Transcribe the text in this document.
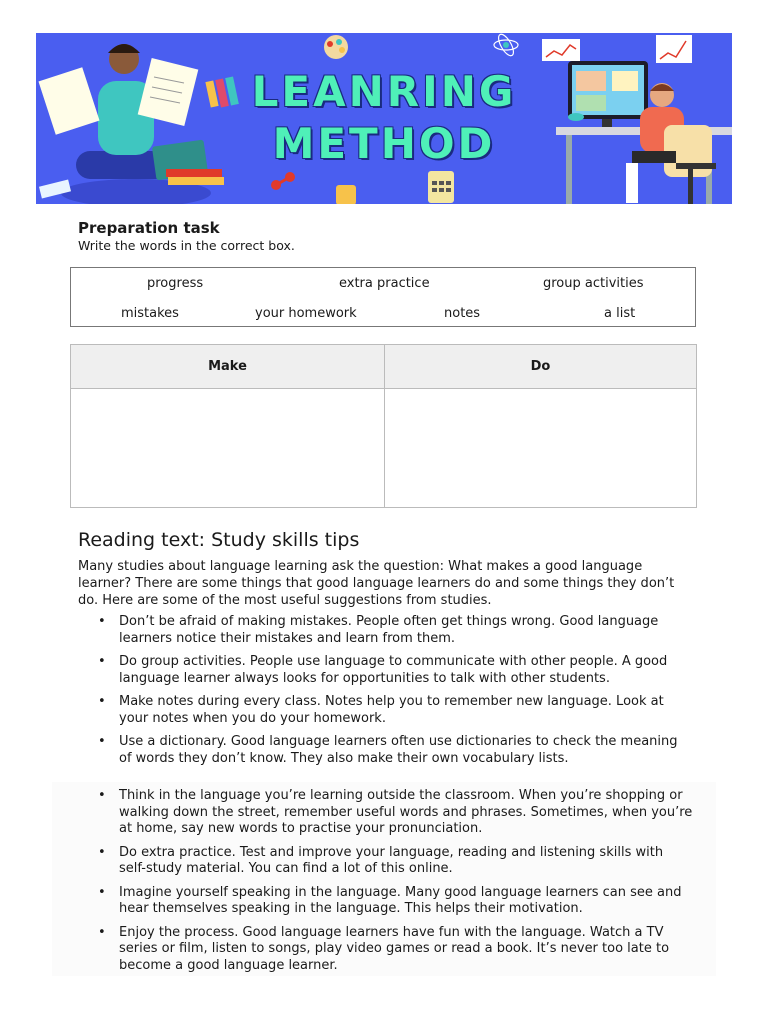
LEANRING
METHOD
Preparation task
Write the words in the correct box.
progress	extra practice	group activities
mistakes	your homework	notes	a list
Make	Do
Reading text: Study skills tips
Many studies about language learning ask the question: What makes a good language learner? There are some things that good language learners do and some things they don’t do. Here are some of the most useful suggestions from studies.
• Don’t be afraid of making mistakes. People often get things wrong. Good language learners notice their mistakes and learn from them.
• Do group activities. People use language to communicate with other people. A good language learner always looks for opportunities to talk with other students.
• Make notes during every class. Notes help you to remember new language. Look at your notes when you do your homework.
• Use a dictionary. Good language learners often use dictionaries to check the meaning of words they don’t know. They also make their own vocabulary lists.
• Think in the language you’re learning outside the classroom. When you’re shopping or walking down the street, remember useful words and phrases. Sometimes, when you’re at home, say new words to practise your pronunciation.
• Do extra practice. Test and improve your language, reading and listening skills with self-study material. You can find a lot of this online.
• Imagine yourself speaking in the language. Many good language learners can see and hear themselves speaking in the language. This helps their motivation.
• Enjoy the process. Good language learners have fun with the language. Watch a TV series or film, listen to songs, play video games or read a book. It’s never too late to become a good language learner.
